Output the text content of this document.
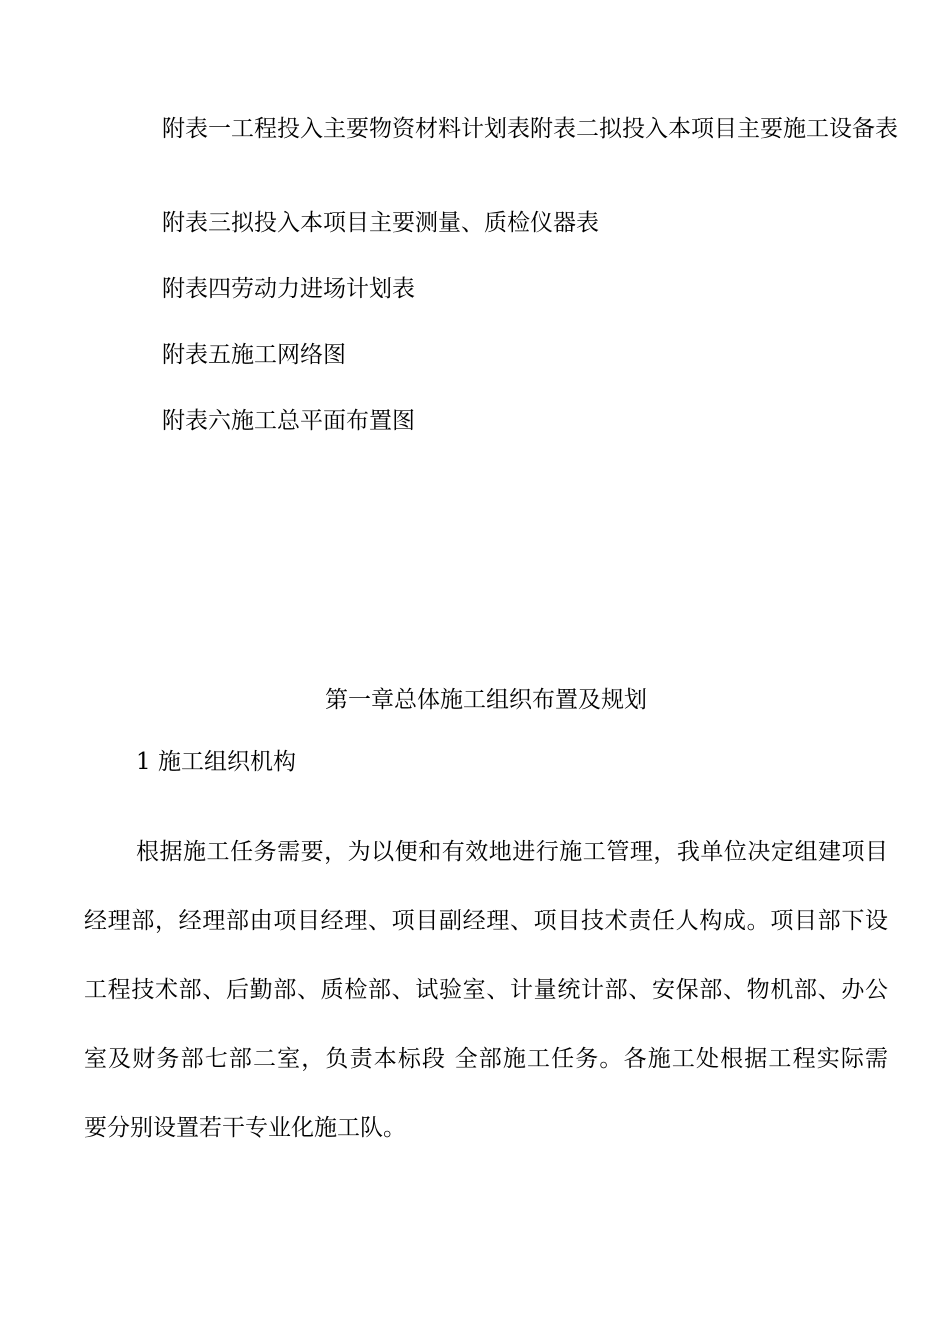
附表一工程投入主要物资材料计划表附表二拟投入本项目主要施工设备表

附表三拟投入本项目主要测量、质检仪器表

附表四劳动力进场计划表

附表五施工网络图

附表六施工总平面布置图

第一章总体施工组织布置及规划
1 施工组织机构
根据施工任务需要，为以便和有效地进行施工管理，我单位决定组建项目
经理部，经理部由项目经理、项目副经理、项目技术责任人构成。项目部下设
工程技术部、后勤部、质检部、试验室、计量统计部、安保部、物机部、办公
室及财务部七部二室，负责本标段 全部施工任务。各施工处根据工程实际需
要分别设置若干专业化施工队。
